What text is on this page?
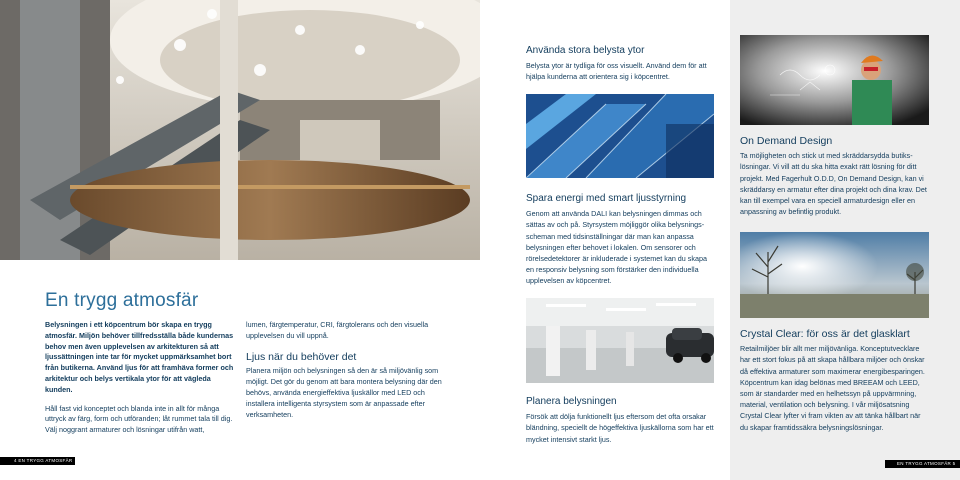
En trygg atmosfär

Belysningen i ett köpcentrum bör skapa en trygg atmosfär. Miljön behöver tillfredsställa både kundernas behov men även upplevelsen av arkitekturen så att ljussättningen inte tar för mycket uppmärksamhet bort från butikerna. Använd ljus för att framhäva former och arkitektur och belys vertikala ytor för att vägleda kunden.

Håll fast vid konceptet och blanda inte in allt för många uttryck av färg, form och utföranden; låt rummet tala till dig. Välj noggrant armaturer och lösningar utifrån watt,

lumen, färgtemperatur, CRI, färgtolerans och den visuella upplevelsen du vill uppnå.

Ljus när du behöver det

Planera miljön och belysningen så den är så miljövänlig som möjligt. Det gör du genom att bara montera belysning där den behövs, använda energieffektiva ljuskällor med LED och installera intelligenta styrsystem som är anpassade efter verksamheten.

4 EN TRYGG ATMOSFÄR

Använda stora belysta ytor

Belysta ytor är tydliga för oss visuellt. Använd dem för att hjälpa kunderna att orientera sig i köpcentret.

Spara energi med smart ljusstyrning

Genom att använda DALI kan belysningen dimmas och sättas av och på. Styrsystem möjliggör olika belysningsscheman med tidsinställningar där man kan anpassa belysningen efter behovet i lokalen. Om sensorer och rörelsedetektorer är inkluderade i systemet kan du skapa en responsiv belysning som förstärker den individuella upplevelsen av köpcentret.

Planera belysningen

Försök att dölja funktionellt ljus eftersom det ofta orsakar bländning, speciellt de högeffektiva ljuskällorna som har ett mycket intensivt starkt ljus.

On Demand Design

Ta möjligheten och stick ut med skräddarsydda butikslösningar. Vi vill att du ska hitta exakt rätt lösning för ditt projekt. Med Fagerhult O.D.D, On Demand Design, kan vi skräddarsy en armatur efter dina projekt och dina krav. Det kan till exempel vara en speciell armaturdesign eller en anpassning av befintlig produkt.

Crystal Clear: för oss är det glasklart

Retailmiljöer blir allt mer miljövänliga. Konceptutvecklare har ett stort fokus på att skapa hållbara miljöer och önskar då effektiva armaturer som maximerar energibesparingen. Köpcentrum kan idag belönas med BREEAM och LEED, som är standarder med en helhetssyn på uppvärmning, material, ventilation och belysning. I vår miljösatsning Crystal Clear lyfter vi fram vikten av att tänka hållbart när du skapar framtidssäkra belysningslösningar.

EN TRYGG ATMOSFÄR 5
